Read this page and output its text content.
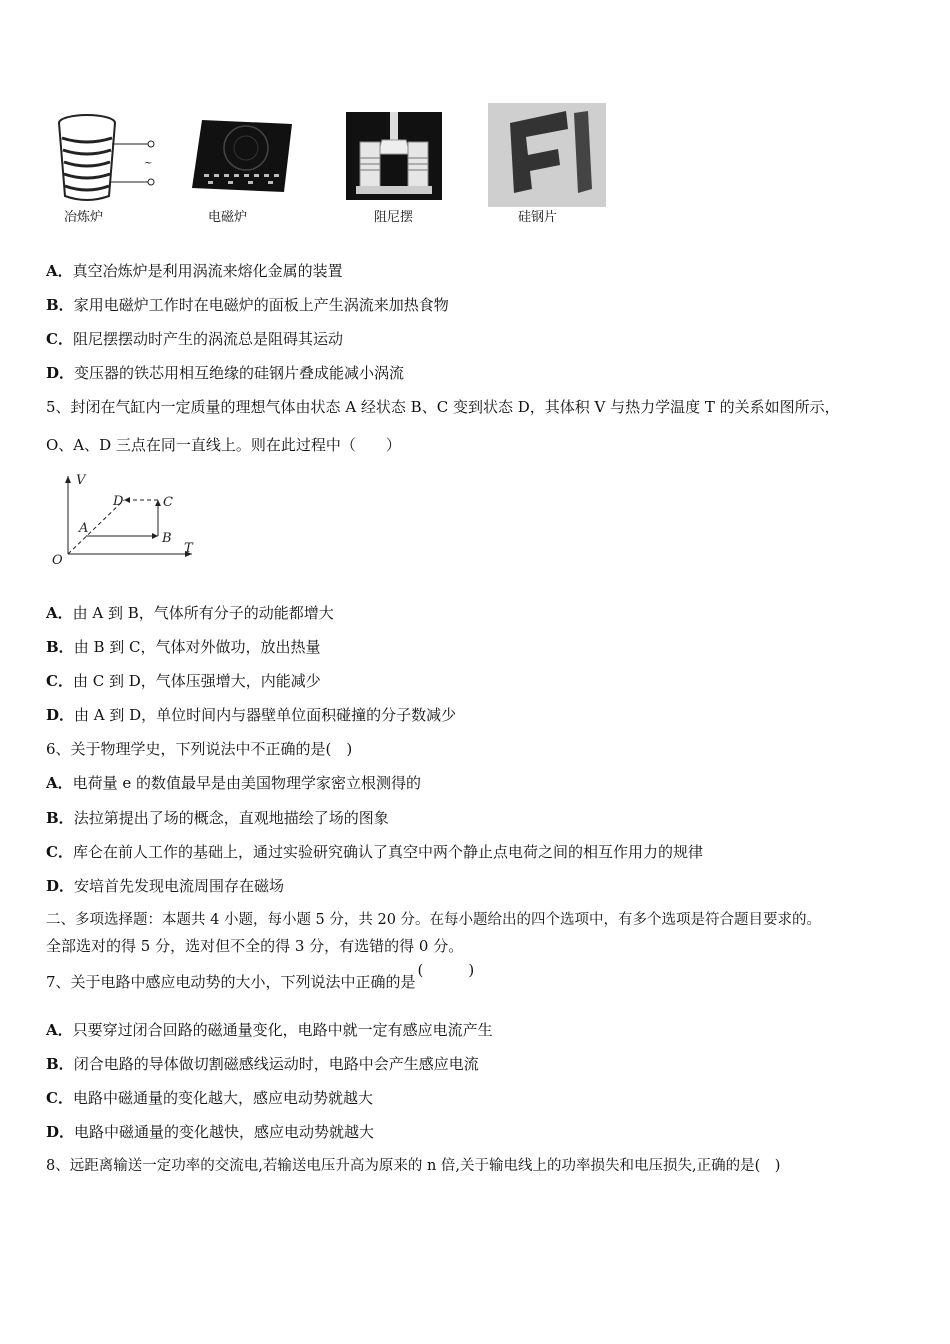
~
冶炼炉	电磁炉	阻尼摆	硅钢片
A．真空冶炼炉是利用涡流来熔化金属的装置
B．家用电磁炉工作时在电磁炉的面板上产生涡流来加热食物
C．阻尼摆摆动时产生的涡流总是阻碍其运动
D．变压器的铁芯用相互绝缘的硅钢片叠成能减小涡流
5、封闭在气缸内一定质量的理想气体由状态 A 经状态 B、C 变到状态 D，其体积 V 与热力学温度 T 的关系如图所示，
O、A、D 三点在同一直线上。则在此过程中（　　）
V
T
O
A
B
C
D
A．由 A 到 B，气体所有分子的动能都增大
B．由 B 到 C，气体对外做功，放出热量
C．由 C 到 D，气体压强增大，内能减少
D．由 A 到 D，单位时间内与器壁单位面积碰撞的分子数减少
6、关于物理学史，下列说法中不正确的是(　)
A．电荷量 e 的数值最早是由美国物理学家密立根测得的
B．法拉第提出了场的概念，直观地描绘了场的图象
C．库仑在前人工作的基础上，通过实验研究确认了真空中两个静止点电荷之间的相互作用力的规律
D．安培首先发现电流周围存在磁场
二、多项选择题：本题共 4 小题，每小题 5 分，共 20 分。在每小题给出的四个选项中，有多个选项是符合题目要求的。
全部选对的得 5 分，选对但不全的得 3 分，有选错的得 0 分。
7、关于电路中感应电动势的大小，下列说法中正确的是(　　　)
A．只要穿过闭合回路的磁通量变化，电路中就一定有感应电流产生
B．闭合电路的导体做切割磁感线运动时，电路中会产生感应电流
C．电路中磁通量的变化越大，感应电动势就越大
D．电路中磁通量的变化越快，感应电动势就越大
8、远距离输送一定功率的交流电,若输送电压升高为原来的 n 倍,关于输电线上的功率损失和电压损失,正确的是(　)
